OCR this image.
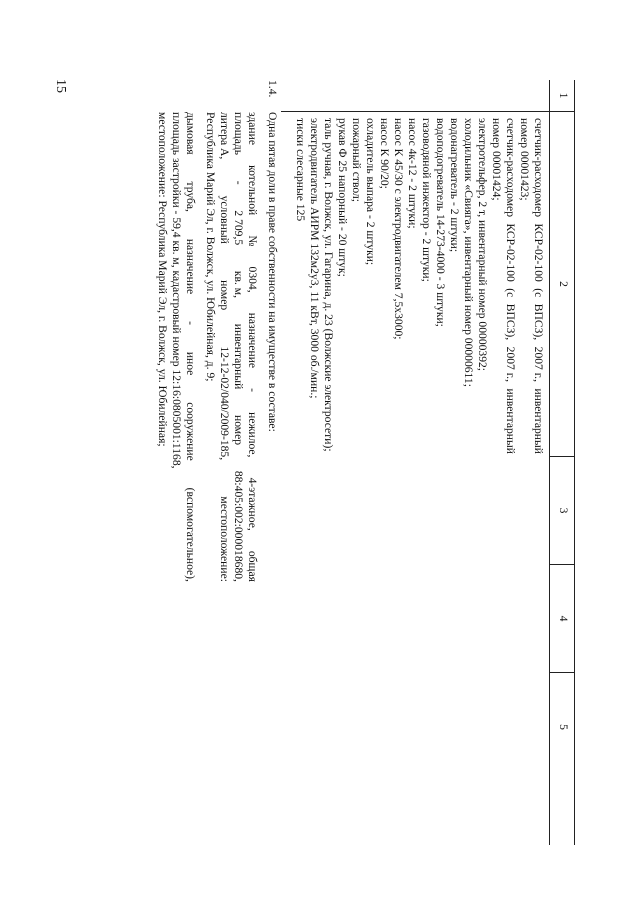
15
1
2
3
4
5
счетчик-расходомер
КСР-02-100
(с
ВПСЗ),
2007 г.,
инвентарный
номер 00001423;
счетчик-расходомер
КСР-02-100
(с
ВПСЗ),
2007 г.,
инвентарный
номер 00001424;
электротельфер, 2 т, инвентарный номер 00000392;
холодильник «Свияга», инвентарный номер 00000611;
водонагреватель - 2 штуки;
водоподогреватель 14-273-4000 - 3 штуки;
газоводяной инжектор - 2 штуки;
насос 4к-12 - 2 штуки;
насос К 45/30 с электродвигателем 7,5х3000;
насос К 90/20;
охладитель выпара - 2 штуки;
пожарный ствол;
рукав Ф 25 напорный - 20 штук;
таль ручная, г. Волжск, ул. Гагарина, д. 23 (Волжские электросети);
электродвигатель АИРМ 132м2у3, 11 кВт, 3000 об./мин.;
тиски слесарные 125
1.4.
Одна пятая доли в праве собственности на имуществе в составе:
здание
котельной
№
0304,
назначение
-
нежилое,
4-этажное,
общая
площадь
-
2 709,5
кв. м,
инвентарный
номер
88:405:002:000018680,
литера А,
условный
номер
12-12-02/040/2009-185,
местоположение:
Республика Марий Эл, г. Волжск, ул. Юбилейная, д. 9;
дымовая
труба,
назначение
-
иное
сооружение
(вспомогательное),
площадь застройки - 59,4 кв. м, кадастровый номер 12:16:0805001:1168,
местоположение: Республика Марий Эл, г. Волжск, ул. Юбилейная;
